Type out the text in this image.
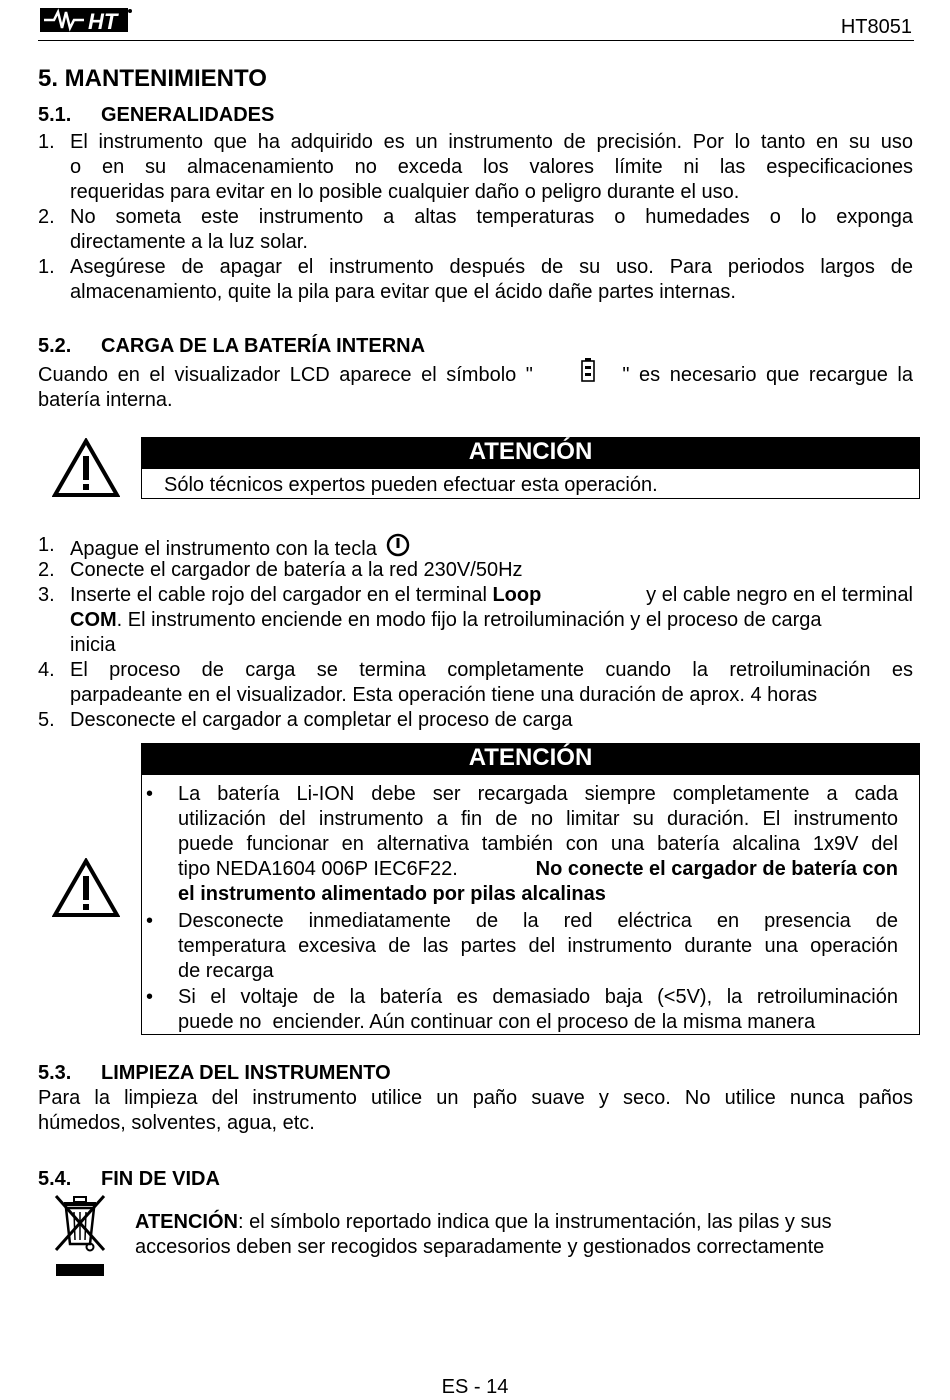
HT	HT8051
5. MANTENIMIENTO
5.1. GENERALIDADES
1. El instrumento que ha adquirido es un instrumento de precisión. Por lo tanto en su uso
o en su almacenamiento no exceda los valores límite ni las especificaciones
requeridas para evitar en lo posible cualquier daño o peligro durante el uso.
2. No someta este instrumento a altas temperaturas o humedades o lo exponga
directamente a la luz solar.
1. Asegúrese de apagar el instrumento después de su uso. Para periodos largos de
almacenamiento, quite la pila para evitar que el ácido dañe partes internas.
5.2. CARGA DE LA BATERÍA INTERNA
Cuando en el visualizador LCD aparece el símbolo "	" es necesario que recargue la
batería interna.
ATENCIÓN
Sólo técnicos expertos pueden efectuar esta operación.
1. Apague el instrumento con la tecla
2. Conecte el cargador de batería a la red 230V/50Hz
3. Inserte el cable rojo del cargador en el terminal Loop	y el cable negro en el terminal
COM . El instrumento enciende en modo fijo la retroiluminación y el proceso de carga
inicia
4. El proceso de carga se termina completamente cuando la retroiluminación es
parpadeante en el visualizador. Esta operación tiene una duración de aprox. 4 horas
5. Desconecte el cargador a completar el proceso de carga
ATENCIÓN
• La batería Li-ION debe ser recargada siempre completamente a cada
utilización del instrumento a fin de no limitar su duración. El instrumento
puede funcionar en alternativa también con una batería alcalina 1x9V del
tipo NEDA1604 006P IEC6F22.	No conecte el cargador de batería con
el instrumento alimentado por pilas alcalinas
• Desconecte inmediatamente de la red eléctrica en presencia de
temperatura excesiva de las partes del instrumento durante una operación
de recarga
• Si el voltaje de la batería es demasiado baja (<5V), la retroiluminación
puede no  enciender. Aún continuar con el proceso de la misma manera
5.3. LIMPIEZA DEL INSTRUMENTO
Para la limpieza del instrumento utilice un paño suave y seco. No utilice nunca paños
húmedos, solventes, agua, etc.
5.4. FIN DE VIDA
ATENCIÓN : el símbolo reportado indica que la instrumentación, las pilas y sus
accesorios deben ser recogidos separadamente y gestionados correctamente
ES - 14
